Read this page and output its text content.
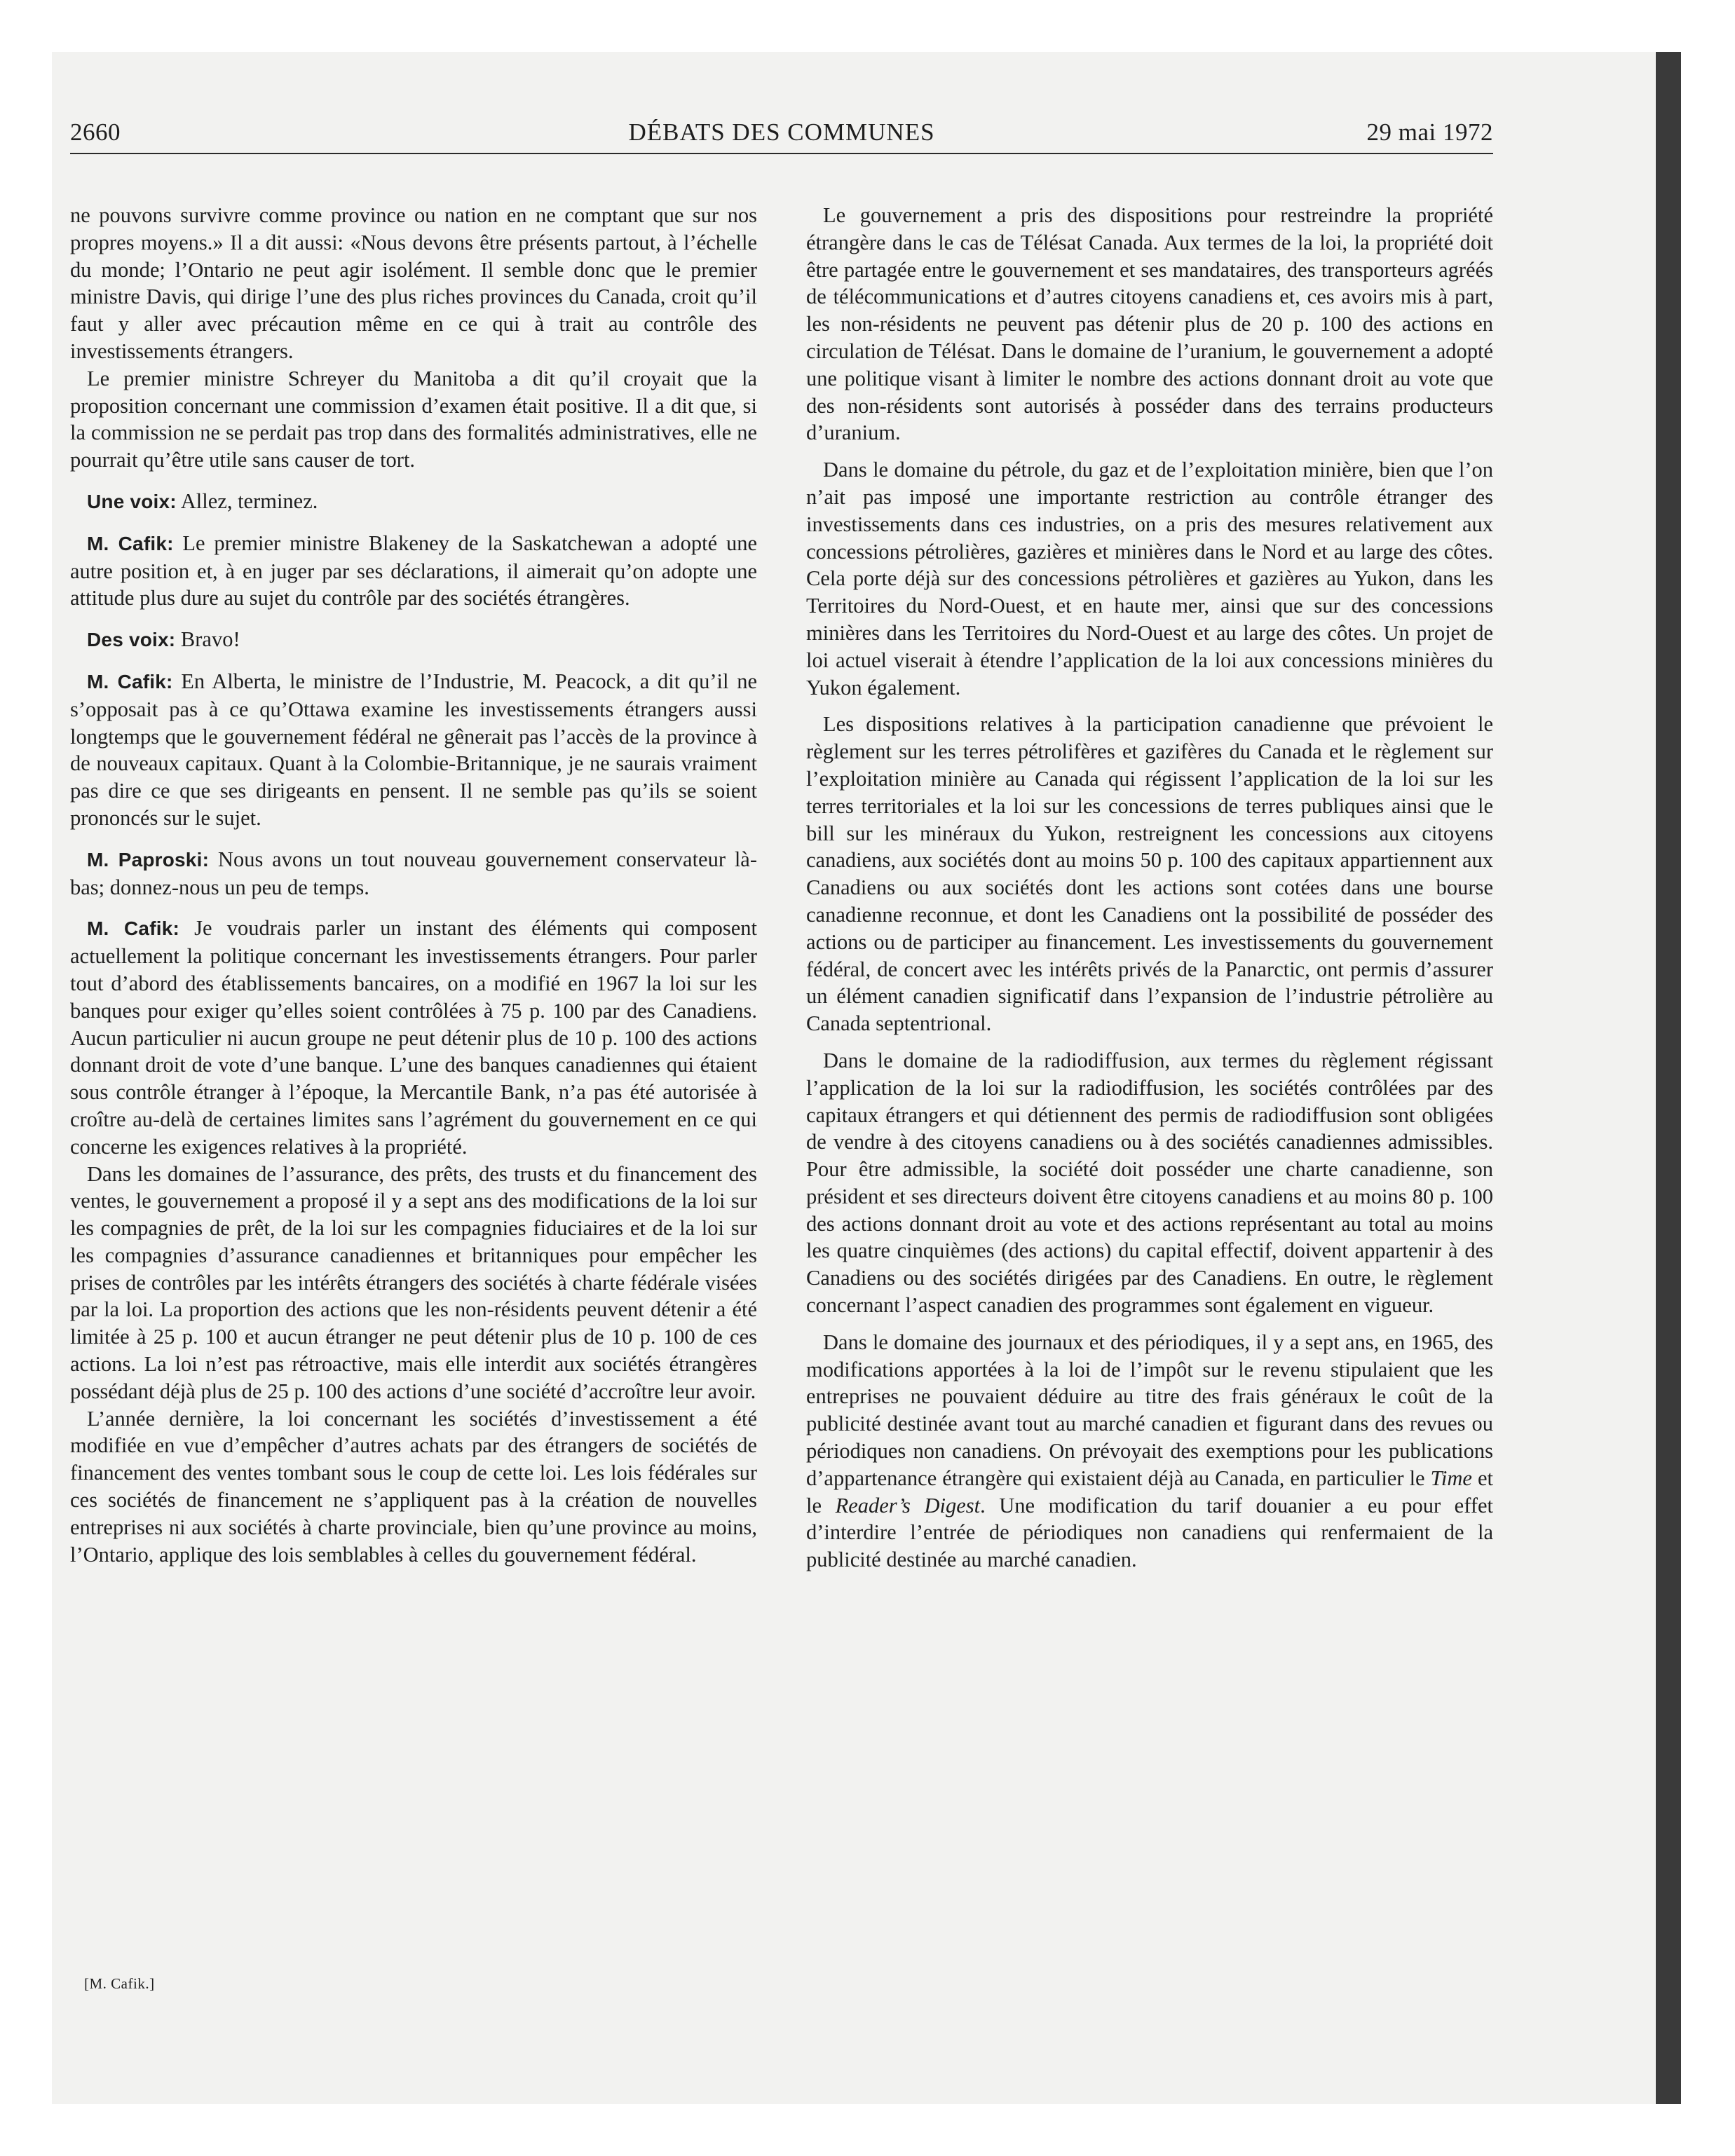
DÉBATS DES COMMUNES
2660	29 mai 1972

ne pouvons survivre comme province ou nation en ne comptant que sur nos propres moyens.» Il a dit aussi: «Nous devons être présents partout, à l’échelle du monde; l’Ontario ne peut agir isolément. Il semble donc que le premier ministre Davis, qui dirige l’une des plus riches provinces du Canada, croit qu’il faut y aller avec précaution même en ce qui à trait au contrôle des investissements étrangers.

Le premier ministre Schreyer du Manitoba a dit qu’il croyait que la proposition concernant une commission d’examen était positive. Il a dit que, si la commission ne se perdait pas trop dans des formalités administratives, elle ne pourrait qu’être utile sans causer de tort.

Une voix: Allez, terminez.

M. Cafik: Le premier ministre Blakeney de la Saskatchewan a adopté une autre position et, à en juger par ses déclarations, il aimerait qu’on adopte une attitude plus dure au sujet du contrôle par des sociétés étrangères.

Des voix: Bravo!

M. Cafik: En Alberta, le ministre de l’Industrie, M. Peacock, a dit qu’il ne s’opposait pas à ce qu’Ottawa examine les investissements étrangers aussi longtemps que le gouvernement fédéral ne gênerait pas l’accès de la province à de nouveaux capitaux. Quant à la Colombie-Britannique, je ne saurais vraiment pas dire ce que ses dirigeants en pensent. Il ne semble pas qu’ils se soient prononcés sur le sujet.

M. Paproski: Nous avons un tout nouveau gouvernement conservateur là-bas; donnez-nous un peu de temps.

M. Cafik: Je voudrais parler un instant des éléments qui composent actuellement la politique concernant les investissements étrangers. Pour parler tout d’abord des établissements bancaires, on a modifié en 1967 la loi sur les banques pour exiger qu’elles soient contrôlées à 75 p. 100 par des Canadiens. Aucun particulier ni aucun groupe ne peut détenir plus de 10 p. 100 des actions donnant droit de vote d’une banque. L’une des banques canadiennes qui étaient sous contrôle étranger à l’époque, la Mercantile Bank, n’a pas été autorisée à croître au-delà de certaines limites sans l’agrément du gouvernement en ce qui concerne les exigences relatives à la propriété.

Dans les domaines de l’assurance, des prêts, des trusts et du financement des ventes, le gouvernement a proposé il y a sept ans des modifications de la loi sur les compagnies de prêt, de la loi sur les compagnies fiduciaires et de la loi sur les compagnies d’assurance canadiennes et britanniques pour empêcher les prises de contrôles par les intérêts étrangers des sociétés à charte fédérale visées par la loi. La proportion des actions que les non-résidents peuvent détenir a été limitée à 25 p. 100 et aucun étranger ne peut détenir plus de 10 p. 100 de ces actions. La loi n’est pas rétroactive, mais elle interdit aux sociétés étrangères possédant déjà plus de 25 p. 100 des actions d’une société d’accroître leur avoir.

L’année dernière, la loi concernant les sociétés d’investissement a été modifiée en vue d’empêcher d’autres achats par des étrangers de sociétés de financement des ventes tombant sous le coup de cette loi. Les lois fédérales sur ces sociétés de financement ne s’appliquent pas à la création de nouvelles entreprises ni aux sociétés à charte provinciale, bien qu’une province au moins, l’Ontario, applique des lois semblables à celles du gouvernement fédéral.

[M. Cafik.]

Le gouvernement a pris des dispositions pour restreindre la propriété étrangère dans le cas de Télésat Canada. Aux termes de la loi, la propriété doit être partagée entre le gouvernement et ses mandataires, des transporteurs agréés de télécommunications et d’autres citoyens canadiens et, ces avoirs mis à part, les non-résidents ne peuvent pas détenir plus de 20 p. 100 des actions en circulation de Télésat. Dans le domaine de l’uranium, le gouvernement a adopté une politique visant à limiter le nombre des actions donnant droit au vote que des non-résidents sont autorisés à posséder dans des terrains producteurs d’uranium.

Dans le domaine du pétrole, du gaz et de l’exploitation minière, bien que l’on n’ait pas imposé une importante restriction au contrôle étranger des investissements dans ces industries, on a pris des mesures relativement aux concessions pétrolières, gazières et minières dans le Nord et au large des côtes. Cela porte déjà sur des concessions pétrolières et gazières au Yukon, dans les Territoires du Nord-Ouest, et en haute mer, ainsi que sur des concessions minières dans les Territoires du Nord-Ouest et au large des côtes. Un projet de loi actuel viserait à étendre l’application de la loi aux concessions minières du Yukon également.

Les dispositions relatives à la participation canadienne que prévoient le règlement sur les terres pétrolifères et gazifères du Canada et le règlement sur l’exploitation minière au Canada qui régissent l’application de la loi sur les terres territoriales et la loi sur les concessions de terres publiques ainsi que le bill sur les minéraux du Yukon, restreignent les concessions aux citoyens canadiens, aux sociétés dont au moins 50 p. 100 des capitaux appartiennent aux Canadiens ou aux sociétés dont les actions sont cotées dans une bourse canadienne reconnue, et dont les Canadiens ont la possibilité de posséder des actions ou de participer au financement. Les investissements du gouvernement fédéral, de concert avec les intérêts privés de la Panarctic, ont permis d’assurer un élément canadien significatif dans l’expansion de l’industrie pétrolière au Canada septentrional.

Dans le domaine de la radiodiffusion, aux termes du règlement régissant l’application de la loi sur la radiodiffusion, les sociétés contrôlées par des capitaux étrangers et qui détiennent des permis de radiodiffusion sont obligées de vendre à des citoyens canadiens ou à des sociétés canadiennes admissibles. Pour être admissible, la société doit posséder une charte canadienne, son président et ses directeurs doivent être citoyens canadiens et au moins 80 p. 100 des actions donnant droit au vote et des actions représentant au total au moins les quatre cinquièmes (des actions) du capital effectif, doivent appartenir à des Canadiens ou des sociétés dirigées par des Canadiens. En outre, le règlement concernant l’aspect canadien des programmes sont également en vigueur.

Dans le domaine des journaux et des périodiques, il y a sept ans, en 1965, des modifications apportées à la loi de l’impôt sur le revenu stipulaient que les entreprises ne pouvaient déduire au titre des frais généraux le coût de la publicité destinée avant tout au marché canadien et figurant dans des revues ou périodiques non canadiens. On prévoyait des exemptions pour les publications d’appartenance étrangère qui existaient déjà au Canada, en particulier le Time et le Reader’s Digest. Une modification du tarif douanier a eu pour effet d’interdire l’entrée de périodiques non canadiens qui renfermaient de la publicité destinée au marché canadien.
